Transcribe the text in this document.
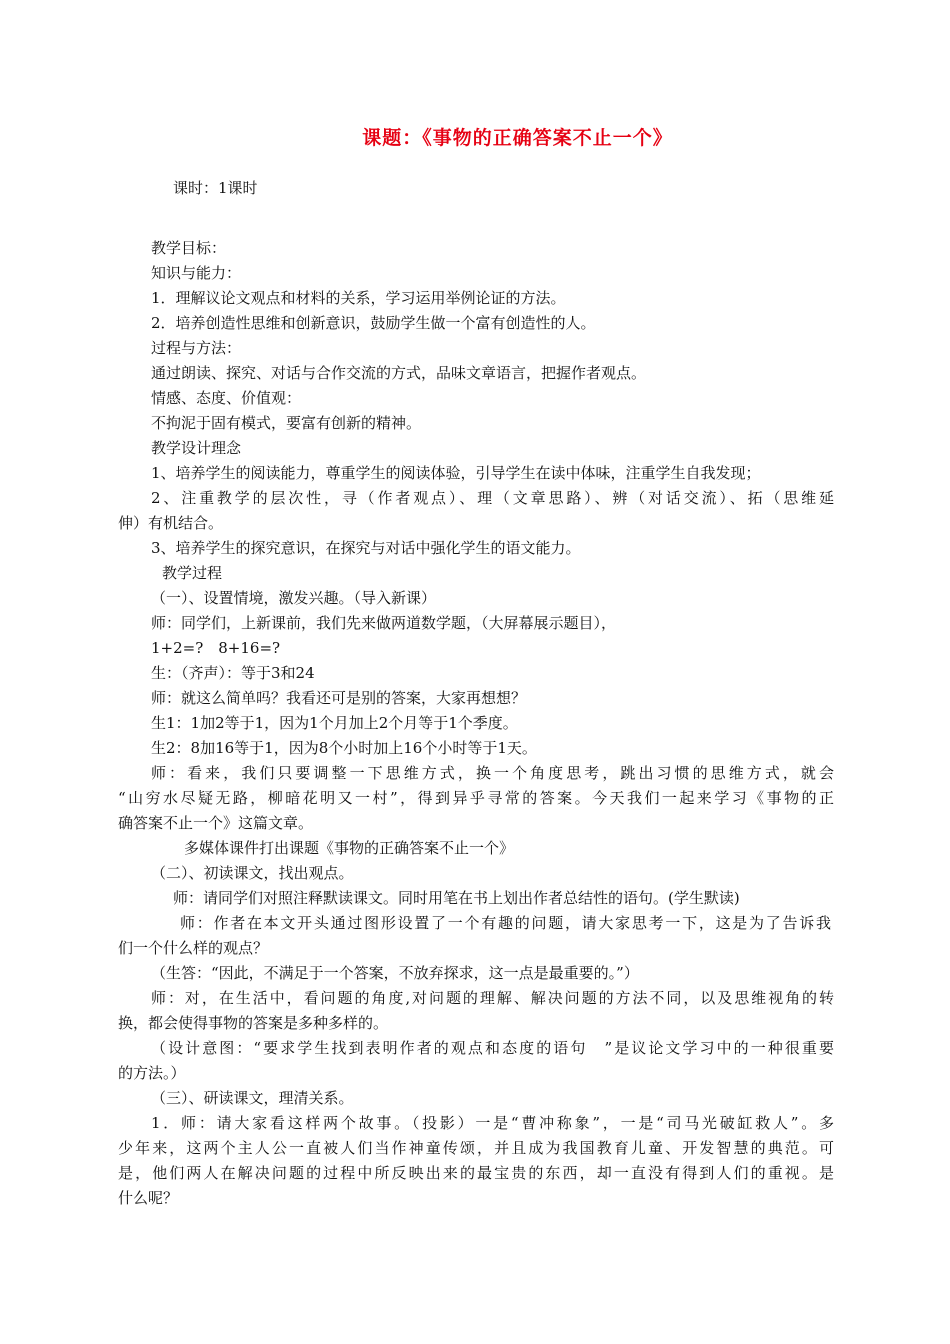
课题：《事物的正确答案不止一个》
课时：1课时
教学目标：
知识与能力：
1．理解议论文观点和材料的关系，学习运用举例论证的方法。
2．培养创造性思维和创新意识，鼓励学生做一个富有创造性的人。
过程与方法：
通过朗读、探究、对话与合作交流的方式，品味文章语言，把握作者观点。
情感、态度、价值观：
不拘泥于固有模式，要富有创新的精神。
教学设计理念
1、培养学生的阅读能力，尊重学生的阅读体验，引导学生在读中体味，注重学生自我发现；
2、注重教学的层次性，寻（作者观点）、理（文章思路）、辨（对话交流）、拓（思维延
伸）有机结合。
3、培养学生的探究意识，在探究与对话中强化学生的语文能力。
教学过程
（一）、设置情境，激发兴趣。（导入新课）
师：同学们，上新课前，我们先来做两道数学题，（大屏幕展示题目），
1+2=?　8+16=?
生：（齐声）：等于3和24
师：就这么简单吗？我看还可是别的答案，大家再想想？
生1：1加2等于1，因为1个月加上2个月等于1个季度。
生2：8加16等于1，因为8个小时加上16个小时等于1天。
师：看来，我们只要调整一下思维方式，换一个角度思考，跳出习惯的思维方式，就会
“山穷水尽疑无路，柳暗花明又一村”，得到异乎寻常的答案。今天我们一起来学习《事物的正
确答案不止一个》这篇文章。
多媒体课件打出课题《事物的正确答案不止一个》
（二）、初读课文，找出观点。
师：请同学们对照注释默读课文。同时用笔在书上划出作者总结性的语句。(学生默读)
师：作者在本文开头通过图形设置了一个有趣的问题，请大家思考一下，这是为了告诉我
们一个什么样的观点？
（生答：“因此，不满足于一个答案，不放弃探求，这一点是最重要的。”）
师：对，在生活中，看问题的角度,对问题的理解、解决问题的方法不同，以及思维视角的转
换，都会使得事物的答案是多种多样的。
（设计意图：“要求学生找到表明作者的观点和态度的语句　”是议论文学习中的一种很重要
的方法。）
（三）、研读课文，理清关系。
1．师：请大家看这样两个故事。（投影）一是“曹冲称象”，一是“司马光破缸救人”。多
少年来，这两个主人公一直被人们当作神童传颂，并且成为我国教育儿童、开发智慧的典范。可
是，他们两人在解决问题的过程中所反映出来的最宝贵的东西，却一直没有得到人们的重视。是
什么呢？
